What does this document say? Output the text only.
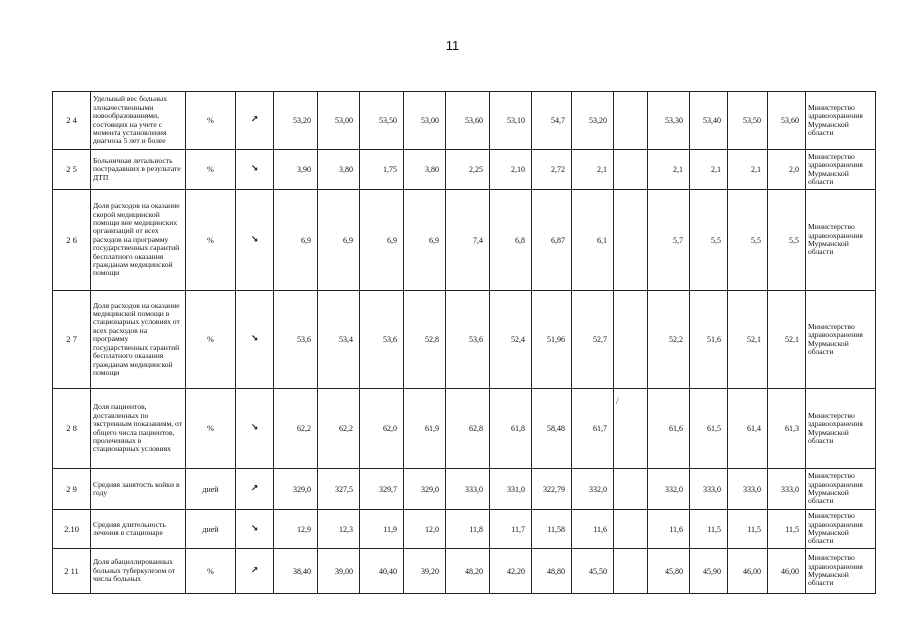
11
2 4	Удельный вес больных злокачественными новообразованиями, состоящих на учете с момента установления диагноза 5 лет и более	%	↗	53,20	53,00	53,50	53,00	53,60	53,10	54,7	53,20		53,30	53,40	53,50	53,60	Министерство здравоохранения Мурманской области
2 5	Больничная летальность пострадавших в результате ДТП	%	↘	3,90	3,80	1,75	3,80	2,25	2,10	2,72	2,1		2,1	2,1	2,1	2,0	Министерство здравоохранения Мурманской области
2 6	Доля расходов на оказание скорой медицинской помощи вне медицинских организаций от всех расходов на программу государственных гарантий бесплатного оказания гражданам медицинской помощи	%	↘	6,9	6,9	6,9	6,9	7,4	6,8	6,87	6,1		5,7	5,5	5,5	5,5	Министерство здравоохранения Мурманской области
2 7	Доля расходов на оказание медицинской помощи в стационарных условиях от всех расходов на программу государственных гарантий бесплатного оказания гражданам медицинской помощи	%	↘	53,6	53,4	53,6	52,8	53,6	52,4	51,96	52,7		52,2	51,6	52,1	52,1	Министерство здравоохранения Мурманской области
2 8	Доля пациентов, доставленных по экстренным показаниям, от общего числа пациентов, пролеченных в стационарных условиях	%	↘	62,2	62,2	62,0	61,9	62,8	61,8	58,48	61,7		61,6	61,5	61,4	61,3	Министерство здравоохранения Мурманской области
2 9	Средняя занятость койки в году	дней	↗	329,0	327,5	329,7	329,0	333,0	331,0	322,79	332,0		332,0	333,0	333,0	333,0	Министерство здравоохранения Мурманской области
2.10	Средняя длительность лечения в стационаре	дней	↘	12,9	12,3	11,9	12,0	11,8	11,7	11,58	11,6		11,6	11,5	11,5	11,5	Министерство здравоохранения Мурманской области
2 11	Доля абациллированных больных туберкулезом от числа больных	%	↗	38,40	39,00	40,40	39,20	48,20	42,20	48,80	45,50		45,80	45,90	46,00	46,00	Министерство здравоохранения Мурманской области
/
